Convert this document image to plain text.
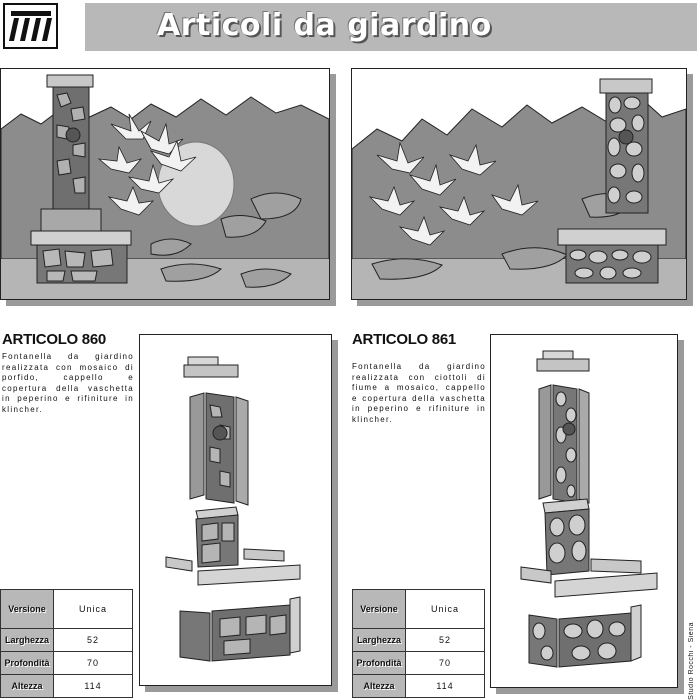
Articoli da giardino
ARTICOLO 860
Fontanella da giardino realizzata con mosaico di porfido, cappello e copertura della vaschetta in peperino e rifiniture in klincher.
Versione	Unica
Larghezza	52
Profondità	70
Altezza	114
ARTICOLO 861
Fontanella da giardino realizzata con ciottoli di fiume a mosaico, cappello e copertura della vaschetta in peperino e rifiniture in klincher.
Versione	Unica
Larghezza	52
Profondità	70
Altezza	114	Studio Rocchi - Siena
